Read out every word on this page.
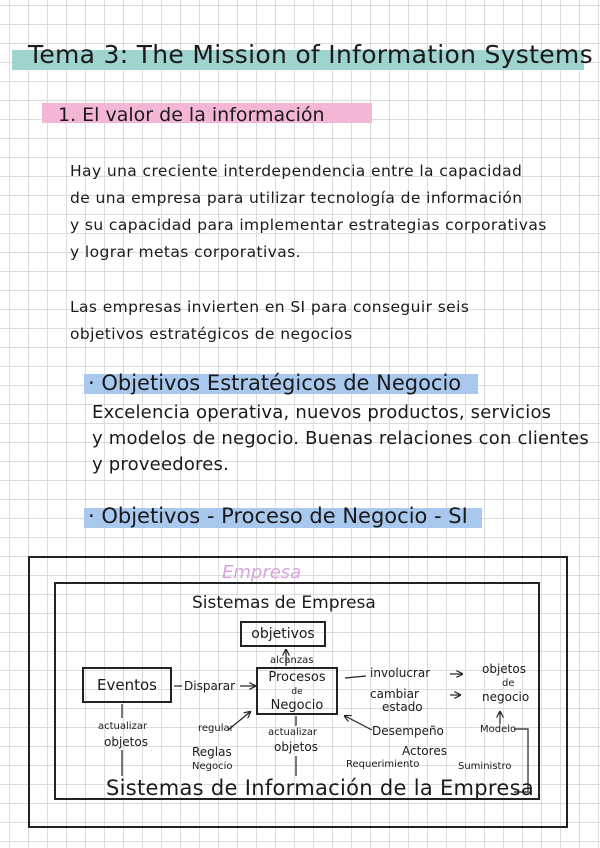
Tema 3: The Mission of Information Systems
1. El valor de la información
Hay una creciente interdependencia entre la capacidad
de una empresa para utilizar tecnología de información
y su capacidad para implementar estrategias corporativas
y lograr metas corporativas.
Las empresas invierten en SI para conseguir seis
objetivos estratégicos de negocios
· Objetivos Estratégicos de Negocio
Excelencia operativa, nuevos productos, servicios
y modelos de negocio. Buenas relaciones con clientes
y proveedores.
· Objetivos - Proceso de Negocio - SI
Empresa
Sistemas de Empresa
objetivos
Eventos	Procesos
de
Negocio
alcanzas
Disparar
involucrar
cambiar
estado
objetos
de
negocio
regular
Reglas
Negocio
actualizar
objetos
actualizar
objetos
Desempeño
Actores
Modelo
Requerimiento	Suministro
Sistemas de Información de la Empresa
